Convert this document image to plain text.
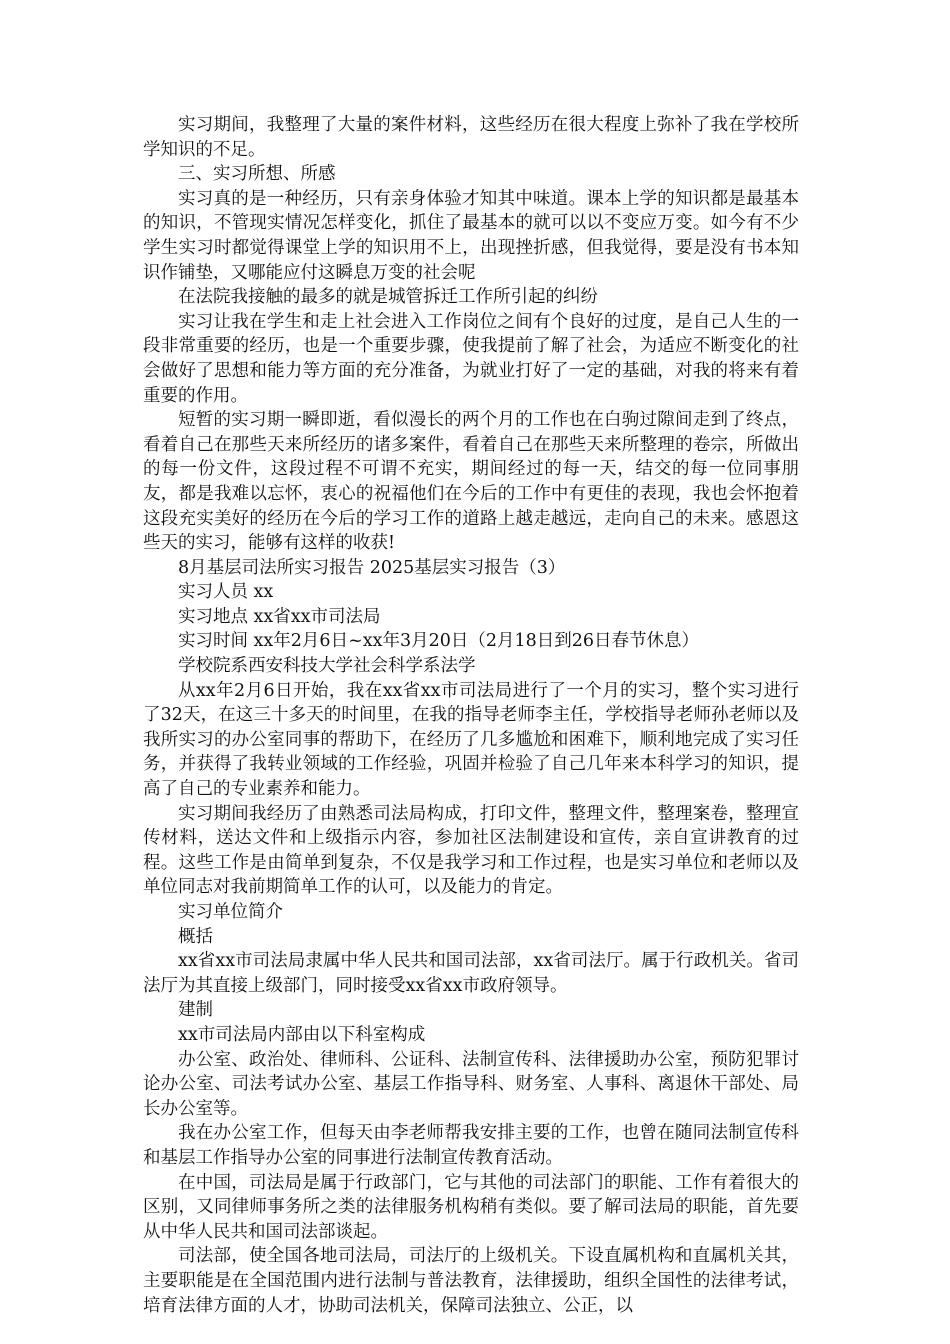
实习期间，我整理了大量的案件材料，这些经历在很大程度上弥补了我在学校所学知识的不足。

三、实习所想、所感

实习真的是一种经历，只有亲身体验才知其中味道。课本上学的知识都是最基本的知识，不管现实情况怎样变化，抓住了最基本的就可以以不变应万变。如今有不少学生实习时都觉得课堂上学的知识用不上，出现挫折感，但我觉得，要是没有书本知识作铺垫，又哪能应付这瞬息万变的社会呢

在法院我接触的最多的就是城管拆迁工作所引起的纠纷

实习让我在学生和走上社会进入工作岗位之间有个良好的过度，是自己人生的一段非常重要的经历，也是一个重要步骤，使我提前了解了社会，为适应不断变化的社会做好了思想和能力等方面的充分准备，为就业打好了一定的基础，对我的将来有着重要的作用。

短暂的实习期一瞬即逝，看似漫长的两个月的工作也在白驹过隙间走到了终点，看着自己在那些天来所经历的诸多案件，看着自己在那些天来所整理的卷宗，所做出的每一份文件，这段过程不可谓不充实，期间经过的每一天，结交的每一位同事朋友，都是我难以忘怀，衷心的祝福他们在今后的工作中有更佳的表现，我也会怀抱着这段充实美好的经历在今后的学习工作的道路上越走越远，走向自己的未来。感恩这些天的实习，能够有这样的收获!

8月基层司法所实习报告 2025基层实习报告（3）

实习人员 xx

实习地点 xx省xx市司法局

实习时间 xx年2月6日~xx年3月20日（2月18日到26日春节休息）

学校院系西安科技大学社会科学系法学

从xx年2月6日开始，我在xx省xx市司法局进行了一个月的实习，整个实习进行了32天，在这三十多天的时间里，在我的指导老师李主任，学校指导老师孙老师以及我所实习的办公室同事的帮助下，在经历了几多尴尬和困难下，顺利地完成了实习任务，并获得了我转业领域的工作经验，巩固并检验了自己几年来本科学习的知识，提高了自己的专业素养和能力。

实习期间我经历了由熟悉司法局构成，打印文件，整理文件，整理案卷，整理宣传材料，送达文件和上级指示内容，参加社区法制建设和宣传，亲自宣讲教育的过程。这些工作是由简单到复杂，不仅是我学习和工作过程，也是实习单位和老师以及单位同志对我前期简单工作的认可，以及能力的肯定。

实习单位简介

概括

xx省xx市司法局隶属中华人民共和国司法部，xx省司法厅。属于行政机关。省司法厅为其直接上级部门，同时接受xx省xx市政府领导。

建制

xx市司法局内部由以下科室构成

办公室、政治处、律师科、公证科、法制宣传科、法律援助办公室，预防犯罪讨论办公室、司法考试办公室、基层工作指导科、财务室、人事科、离退休干部处、局长办公室等。

我在办公室工作，但每天由李老师帮我安排主要的工作，也曾在随同法制宣传科和基层工作指导办公室的同事进行法制宣传教育活动。

在中国，司法局是属于行政部门，它与其他的司法部门的职能、工作有着很大的区别，又同律师事务所之类的法律服务机构稍有类似。要了解司法局的职能，首先要从中华人民共和国司法部谈起。

司法部，使全国各地司法局，司法厅的上级机关。下设直属机构和直属机关其，主要职能是在全国范围内进行法制与普法教育，法律援助，组织全国性的法律考试，培育法律方面的人才，协助司法机关，保障司法独立、公正，以
